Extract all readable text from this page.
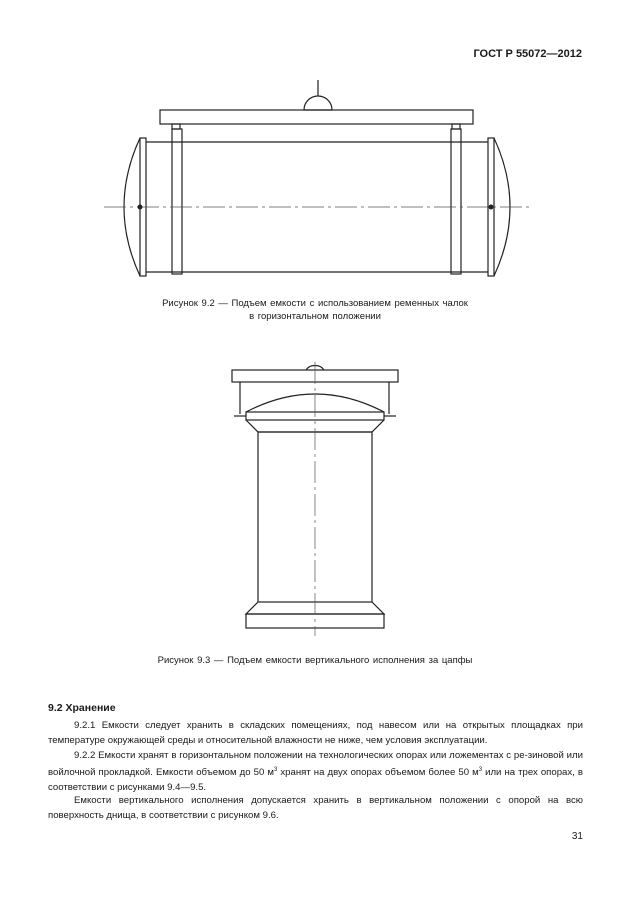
ГОСТ Р 55072—2012
Рисунок 9.2 — Подъем емкости с использованием ременных чалок
в горизонтальном положении
Рисунок 9.3 — Подъем емкости вертикального исполнения за цапфы
9.2 Хранение
9.2.1 Емкости следует хранить в складских помещениях, под навесом или на открытых площадках при температуре окружающей среды и относительной влажности не ниже, чем условия эксплуатации.
9.2.2 Емкости хранят в горизонтальном положении на технологических опорах или ложементах с ре-зиновой или войлочной прокладкой. Емкости объемом до 50 $м^3$ хранят на двух опорах объемом более 50 $м^3$ или на трех опорах, в соответствии с рисунками 9.4—9.5.
Емкости вертикального исполнения допускается хранить в вертикальном положении с опорой на всю поверхность днища, в соответствии с рисунком 9.6.
31
